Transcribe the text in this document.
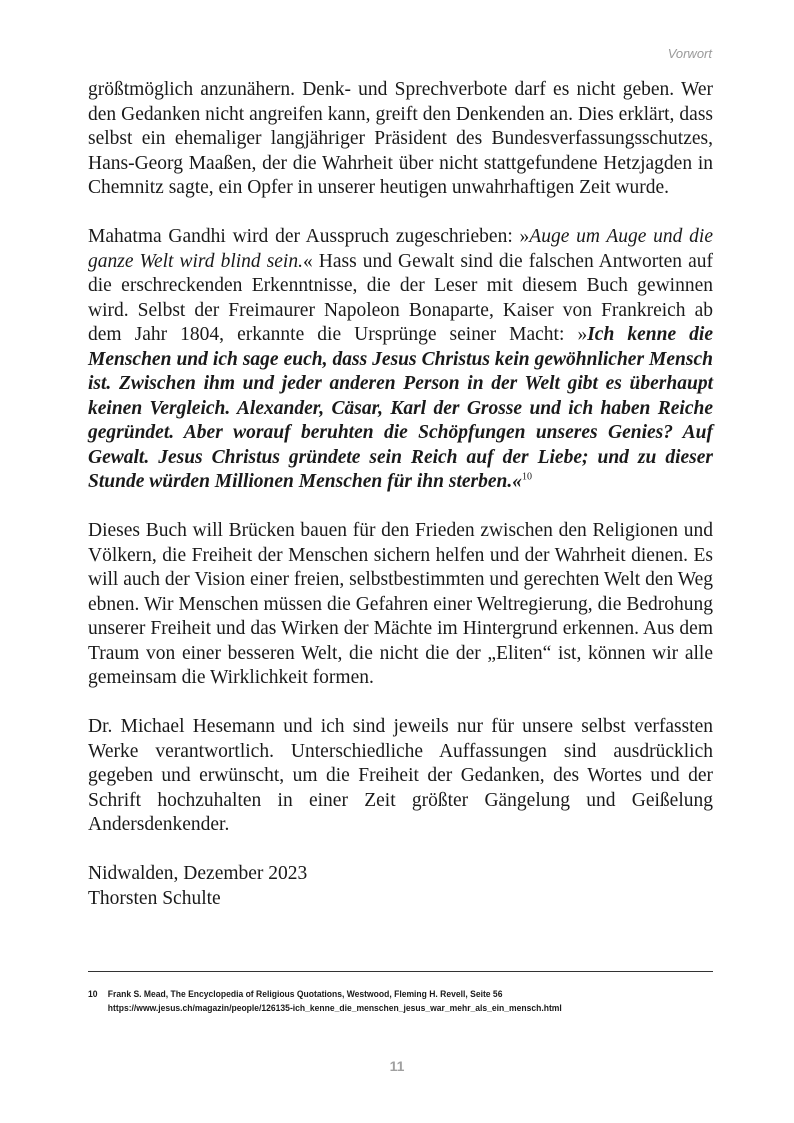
Vorwort

größtmöglich anzunähern. Denk- und Sprechverbote darf es nicht geben. Wer den Gedanken nicht angreifen kann, greift den Denkenden an. Dies erklärt, dass selbst ein ehemaliger langjähriger Präsident des Bundesverfassungsschutzes, Hans-Georg Maaßen, der die Wahrheit über nicht stattgefundene Hetzjagden in Chemnitz sagte, ein Opfer in unserer heutigen unwahrhaftigen Zeit wurde.

Mahatma Gandhi wird der Ausspruch zugeschrieben: »Auge um Auge und die ganze Welt wird blind sein.« Hass und Gewalt sind die falschen Antworten auf die erschreckenden Erkenntnisse, die der Leser mit diesem Buch gewinnen wird. Selbst der Freimaurer Napoleon Bonaparte, Kaiser von Frankreich ab dem Jahr 1804, erkannte die Ursprünge seiner Macht: »Ich kenne die Menschen und ich sage euch, dass Jesus Christus kein gewöhnlicher Mensch ist. Zwischen ihm und jeder anderen Person in der Welt gibt es überhaupt keinen Vergleich. Alexander, Cäsar, Karl der Grosse und ich haben Reiche gegründet. Aber worauf beruhten die Schöpfungen unseres Genies? Auf Gewalt. Jesus Christus gründete sein Reich auf der Liebe; und zu dieser Stunde würden Millionen Menschen für ihn sterben.«$^{10}$

Dieses Buch will Brücken bauen für den Frieden zwischen den Religionen und Völkern, die Freiheit der Menschen sichern helfen und der Wahrheit dienen. Es will auch der Vision einer freien, selbstbestimmten und gerechten Welt den Weg ebnen. Wir Menschen müssen die Gefahren einer Weltregierung, die Bedrohung unserer Freiheit und das Wirken der Mächte im Hintergrund erkennen. Aus dem Traum von einer besseren Welt, die nicht die der „Eliten“ ist, können wir alle gemeinsam die Wirklichkeit formen.

Dr. Michael Hesemann und ich sind jeweils nur für unsere selbst verfassten Werke verantwortlich. Unterschiedliche Auffassungen sind ausdrücklich gegeben und erwünscht, um die Freiheit der Gedanken, des Wortes und der Schrift hochzuhalten in einer Zeit größter Gängelung und Geißelung Andersdenkender.

Nidwalden, Dezember 2023

Thorsten Schulte

10 Frank S. Mead, The Encyclopedia of Religious Quotations, Westwood, Fleming H. Revell, Seite 56
https://www.jesus.ch/magazin/people/126135-ich_kenne_die_menschen_jesus_war_mehr_als_ein_mensch.html
11
